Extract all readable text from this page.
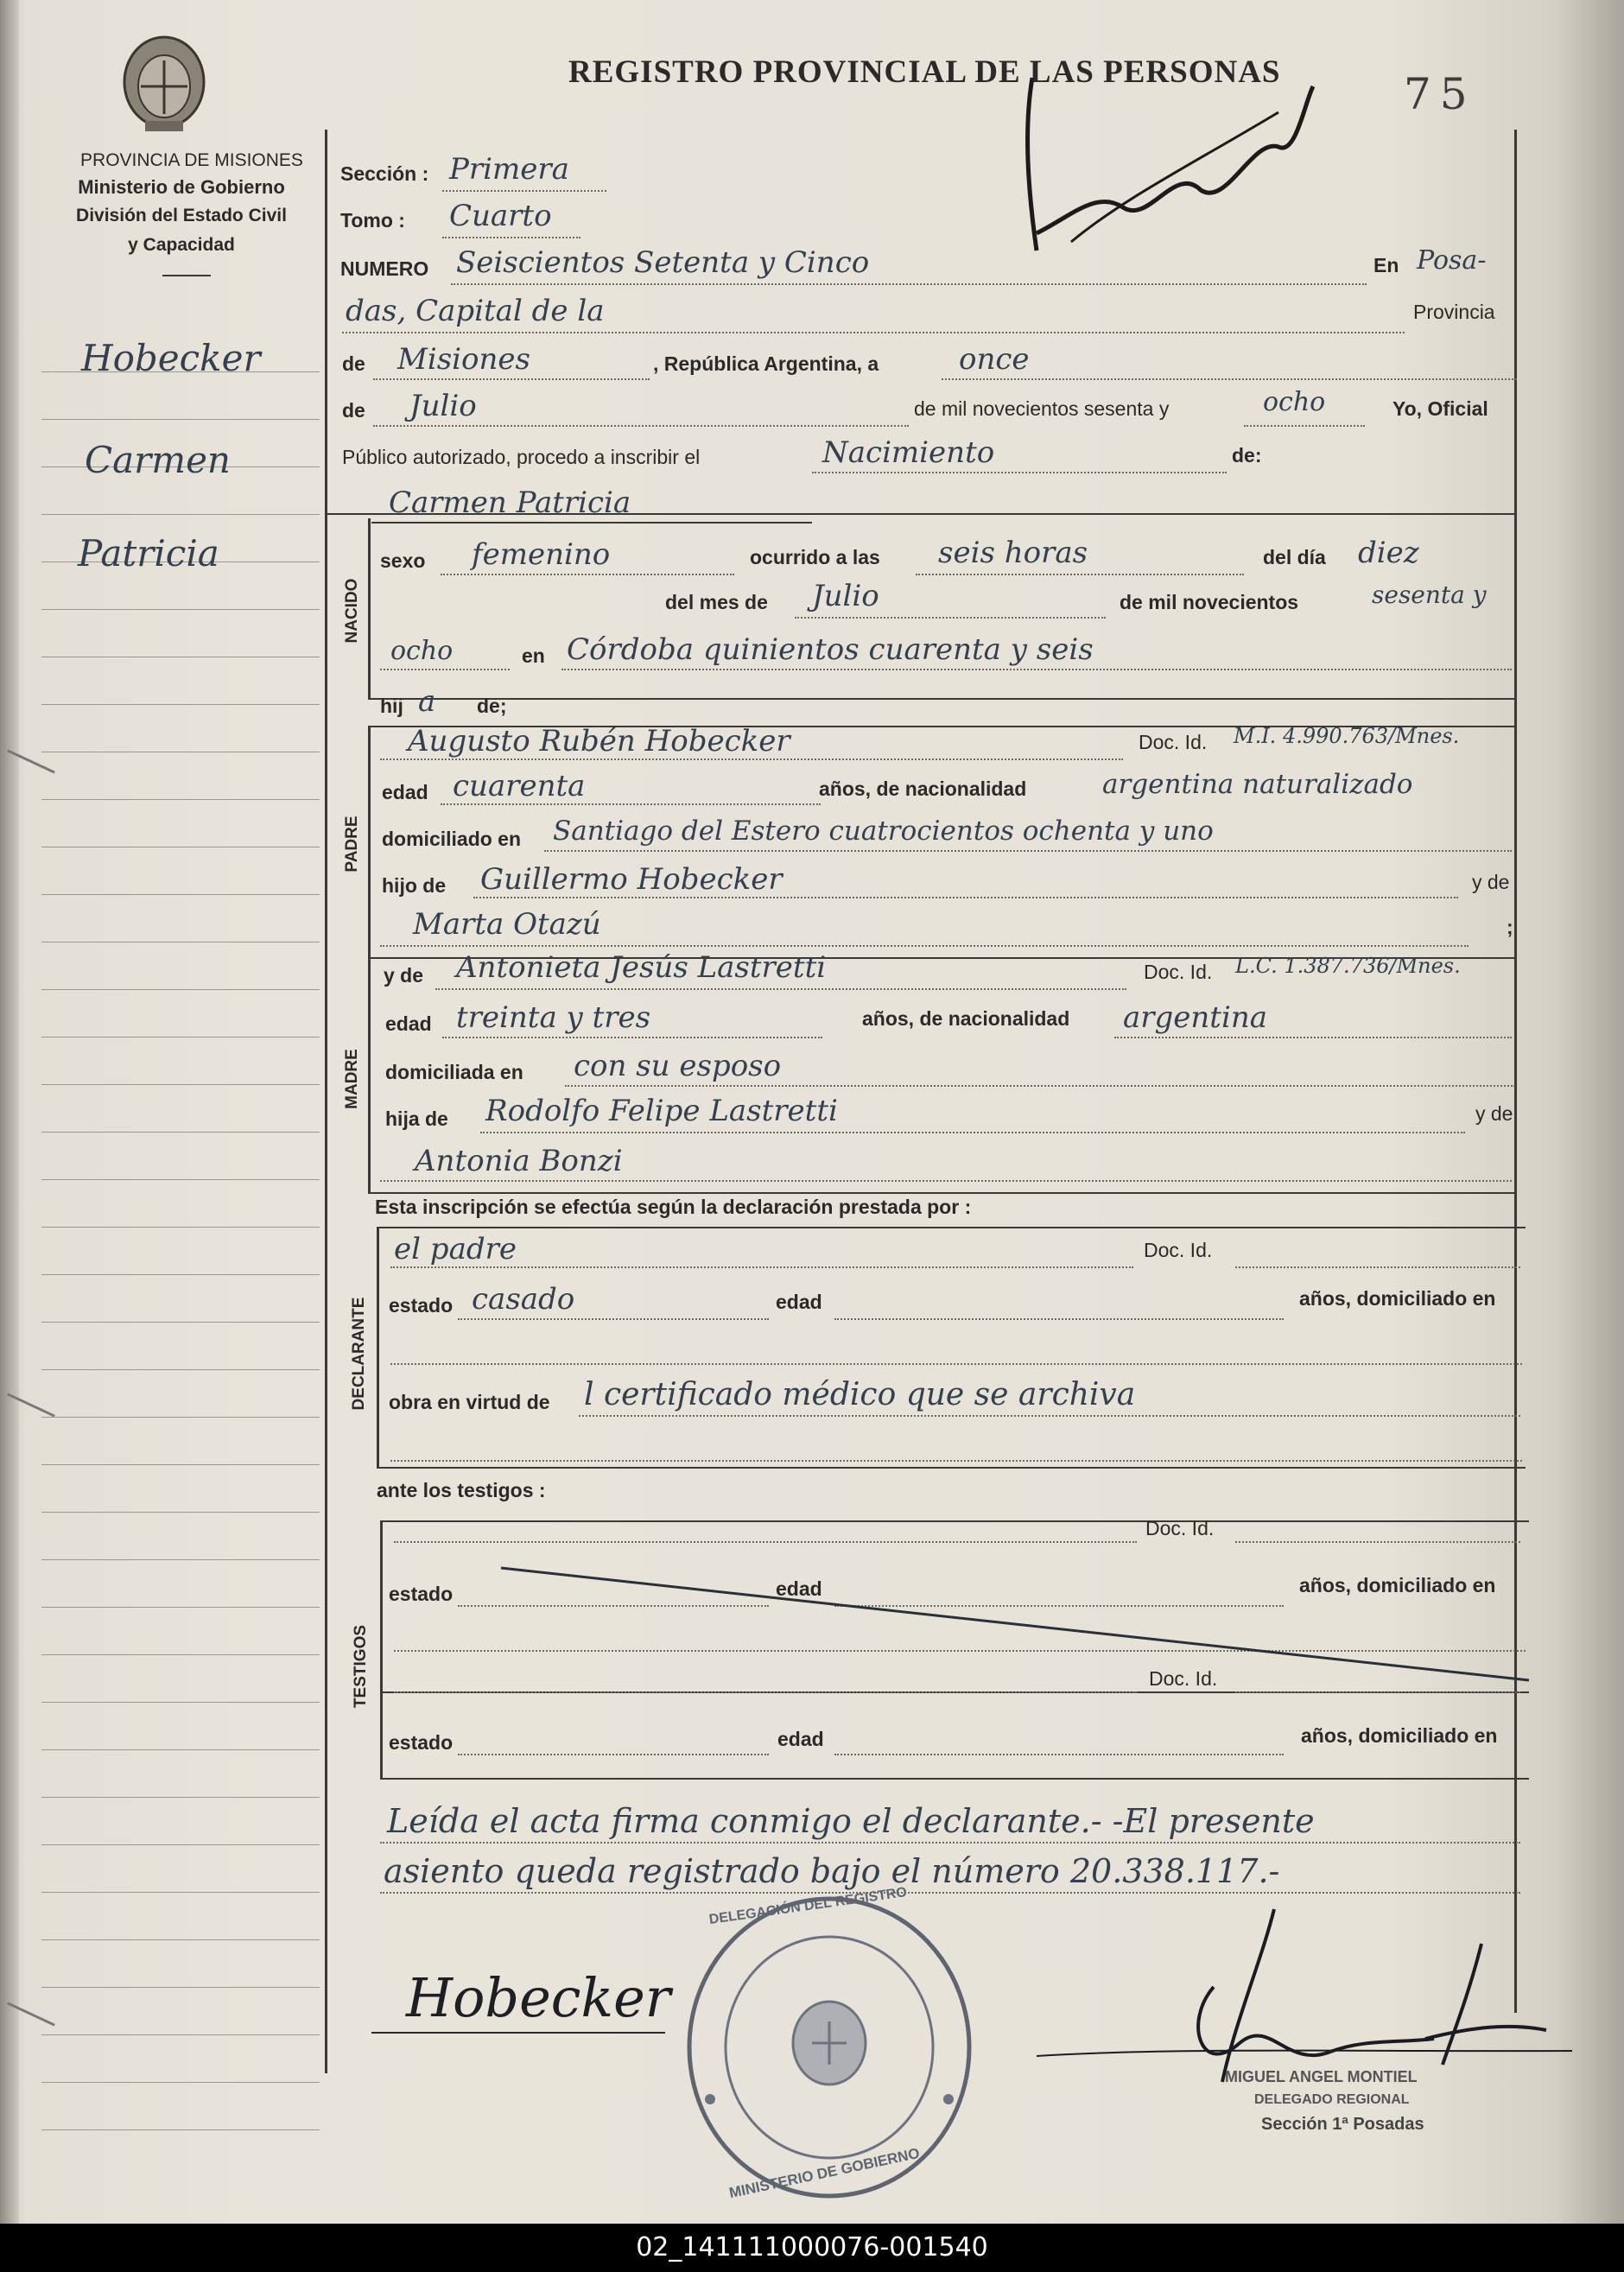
PROVINCIA DE MISIONES
Ministerio de Gobierno
División del Estado Civil
y Capacidad
REGISTRO PROVINCIAL DE LAS PERSONAS	75
Sección : Primera
Tomo : Cuarto
NUMERO Seiscientos Setenta y Cinco	En Posa-
das, Capital de la	Provincia
de Misiones	, República Argentina, a	once
de Julio	de mil novecientos sesenta y	ocho	Yo, Oficial
Público autorizado, procedo a inscribir el	Nacimiento	de:
Carmen Patricia
NACIDO
sexo femenino	ocurrido a las seis horas	del día diez
del mes de Julio	de mil novecientos	sesenta y
ocho	en Córdoba quinientos cuarenta y seis
hij a de;
PADRE
Augusto Rubén Hobecker	Doc. Id. M.I. 4.990.763/Mnes.
edad cuarenta	años, de nacionalidad	argentina naturalizado
domiciliado en Santiago del Estero cuatrocientos ochenta y uno
hijo de Guillermo Hobecker	y de
Marta Otazú	;
MADRE
y de Antonieta Jesús Lastretti	Doc. Id. L.C. 1.387.736/Mnes.
edad treinta y tres	años, de nacionalidad argentina
domiciliada en con su esposo
hija de Rodolfo Felipe Lastretti	y de
Antonia Bonzi
Esta inscripción se efectúa según la declaración prestada por :
DECLARANTE
el padre	Doc. Id.
estado casado	edad	años, domiciliado en
obra en virtud de l certificado médico que se archiva
ante los testigos :
TESTIGOS
Doc. Id.
estado	edad	años, domiciliado en
Doc. Id.
estado	edad	años, domiciliado en
Leída el acta firma conmigo el declarante.- -El presente
asiento queda registrado bajo el número 20.338.117.-
Hobecker
DELEGACIÓN DEL REGISTRO
MINISTERIO DE GOBIERNO
MIGUEL ANGEL MONTIEL
DELEGADO REGIONAL
Sección 1ª Posadas
Hobecker
Carmen
Patricia
02_141111000076-001540
